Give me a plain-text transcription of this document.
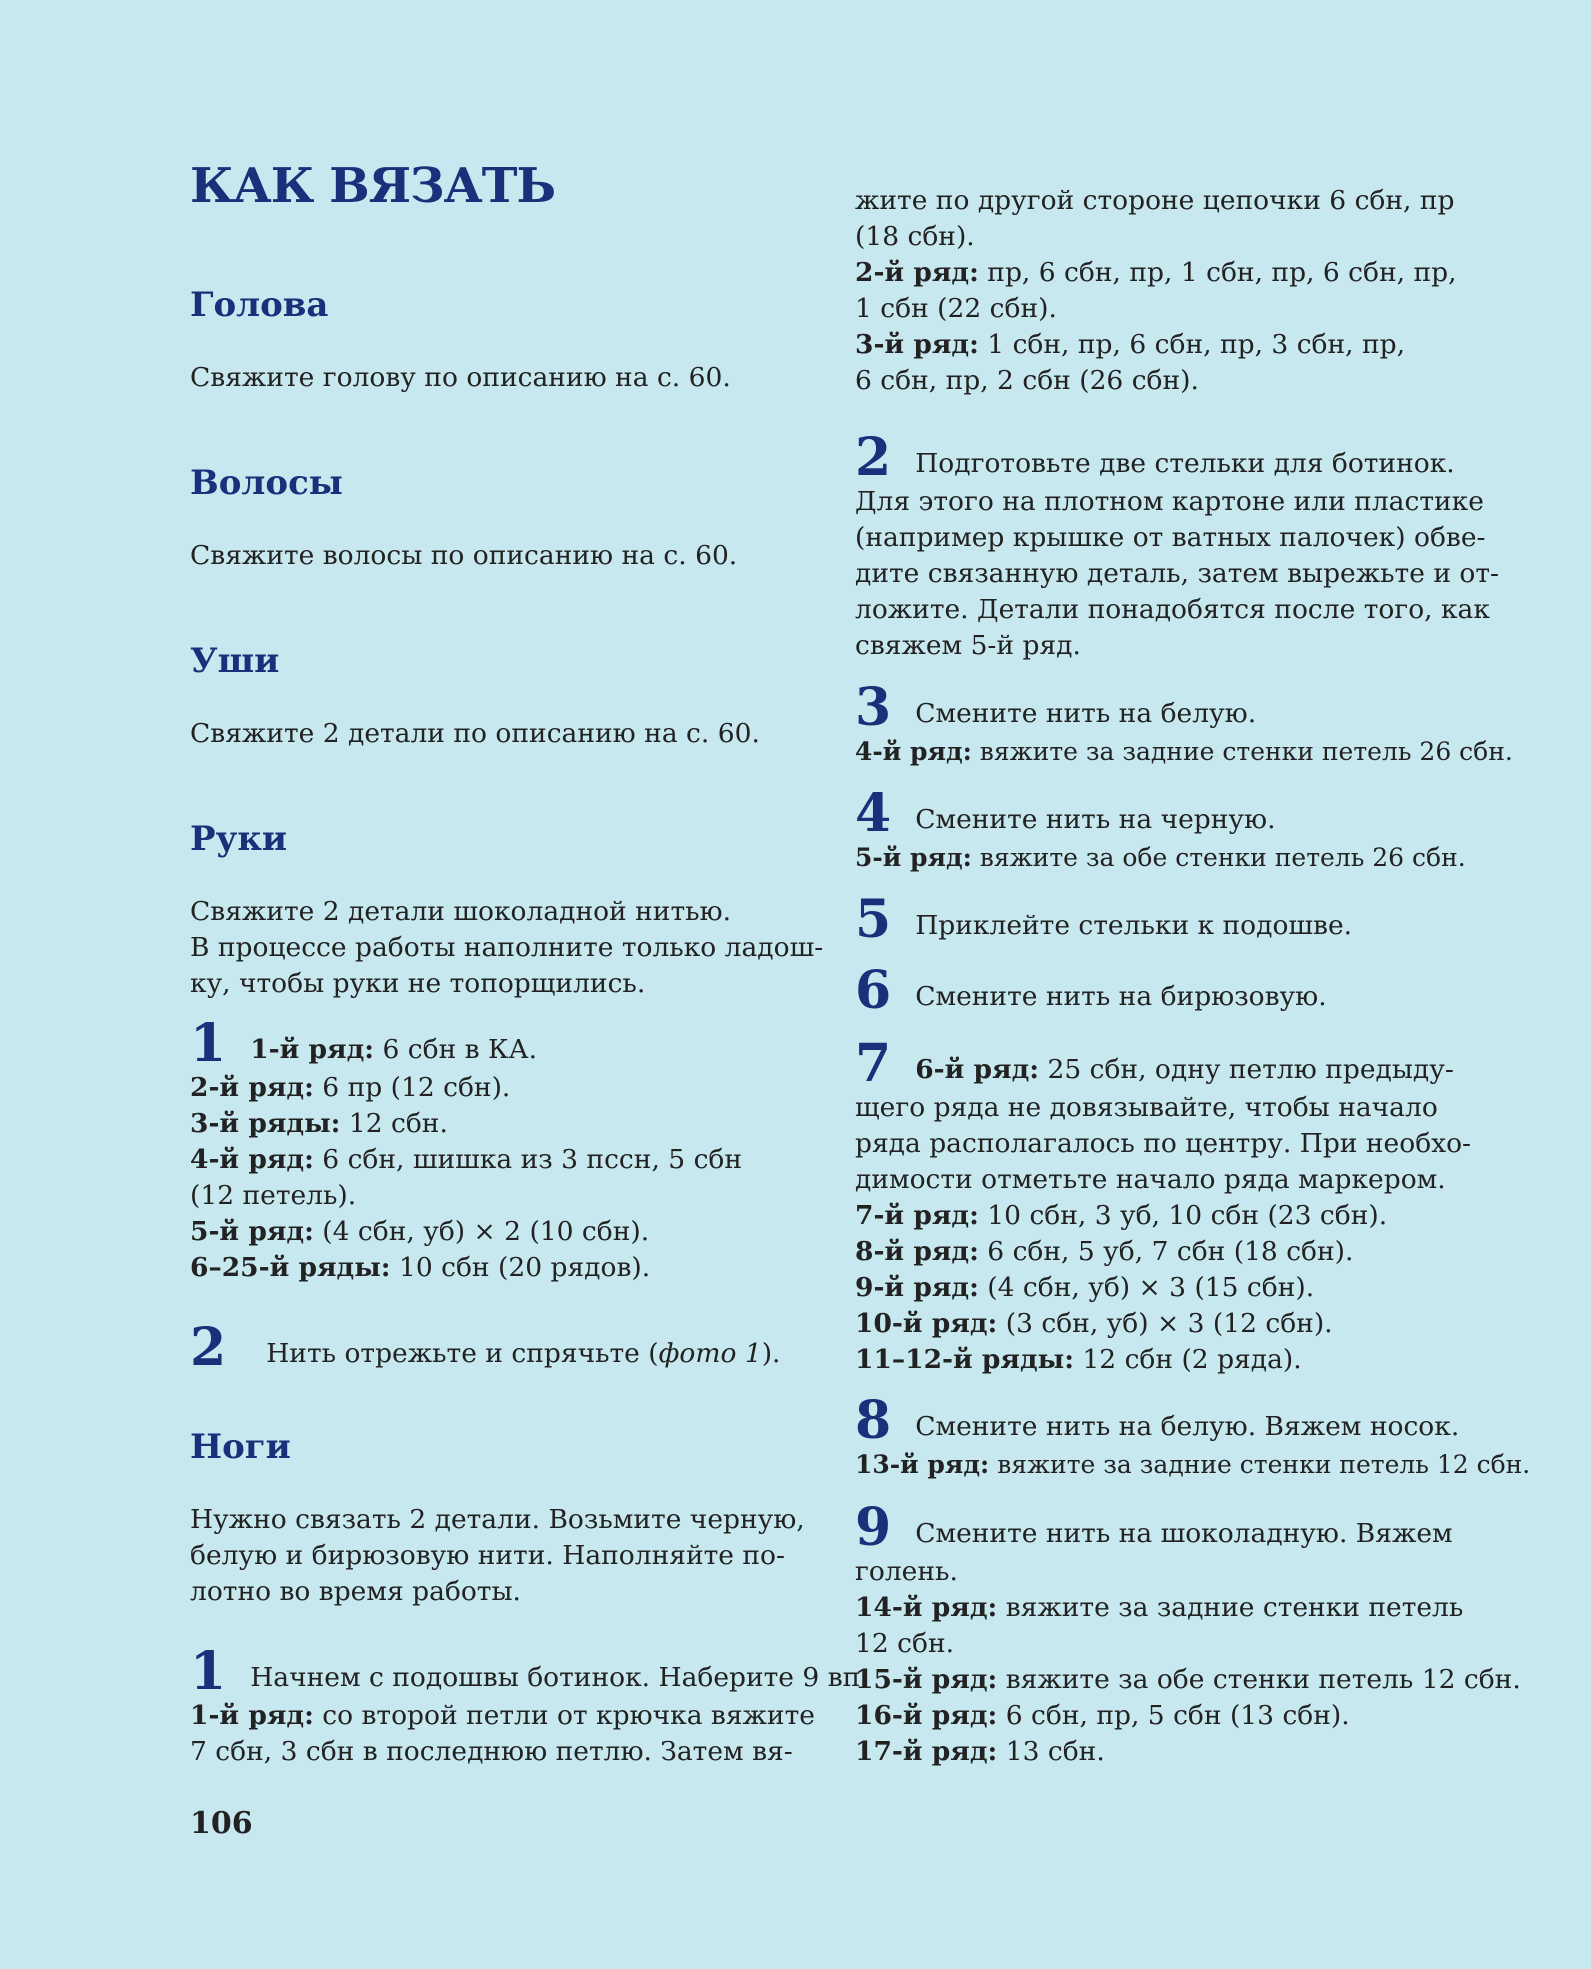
КАК ВЯЗАТЬ
Голова

Свяжите голову по описанию на с. 60.

Волосы

Свяжите волосы по описанию на с. 60.

Уши

Свяжите 2 детали по описанию на с. 60.

Руки

Свяжите 2 детали шоколадной нитью.
В процессе работы наполните только ладош-
ку, чтобы руки не топорщились.

1 1-й ряд: 6 сбн в КА.
2-й ряд: 6 пр (12 сбн).
3-й ряды: 12 сбн.
4-й ряд: 6 сбн, шишка из 3 пссн, 5 сбн
(12 петель).
5-й ряд: (4 сбн, уб) × 2 (10 сбн).
6–25-й ряды: 10 сбн (20 рядов).

2 Нить отрежьте и спрячьте (фото 1).

Ноги

Нужно связать 2 детали. Возьмите черную,
белую и бирюзовую нити. Наполняйте по-
лотно во время работы.

1 Начнем с подошвы ботинок. Наберите 9 вп.
1-й ряд: со второй петли от крючка вяжите
7 сбн, 3 сбн в последнюю петлю. Затем вя-

106

жите по другой стороне цепочки 6 сбн, пр
(18 сбн).
2-й ряд: пр, 6 сбн, пр, 1 сбн, пр, 6 сбн, пр,
1 сбн (22 сбн).
3-й ряд: 1 сбн, пр, 6 сбн, пр, 3 сбн, пр,
6 сбн, пр, 2 сбн (26 сбн).

2 Подготовьте две стельки для ботинок.
Для этого на плотном картоне или пластике
(например крышке от ватных палочек) обве-
дите связанную деталь, затем вырежьте и от-
ложите. Детали понадобятся после того, как
свяжем 5-й ряд.

3 Смените нить на белую.
4-й ряд: вяжите за задние стенки петель 26 сбн.

4 Смените нить на черную.
5-й ряд: вяжите за обе стенки петель 26 сбн.

5 Приклейте стельки к подошве.

6 Смените нить на бирюзовую.

7 6-й ряд: 25 сбн, одну петлю предыду-
щего ряда не довязывайте, чтобы начало
ряда располагалось по центру. При необхо-
димости отметьте начало ряда маркером.
7-й ряд: 10 сбн, 3 уб, 10 сбн (23 сбн).
8-й ряд: 6 сбн, 5 уб, 7 сбн (18 сбн).
9-й ряд: (4 сбн, уб) × 3 (15 сбн).
10-й ряд: (3 сбн, уб) × 3 (12 сбн).
11–12-й ряды: 12 сбн (2 ряда).

8 Смените нить на белую. Вяжем носок.
13-й ряд: вяжите за задние стенки петель 12 сбн.

9 Смените нить на шоколадную. Вяжем
голень.
14-й ряд: вяжите за задние стенки петель
12 сбн.
15-й ряд: вяжите за обе стенки петель 12 сбн.
16-й ряд: 6 сбн, пр, 5 сбн (13 сбн).
17-й ряд: 13 сбн.
